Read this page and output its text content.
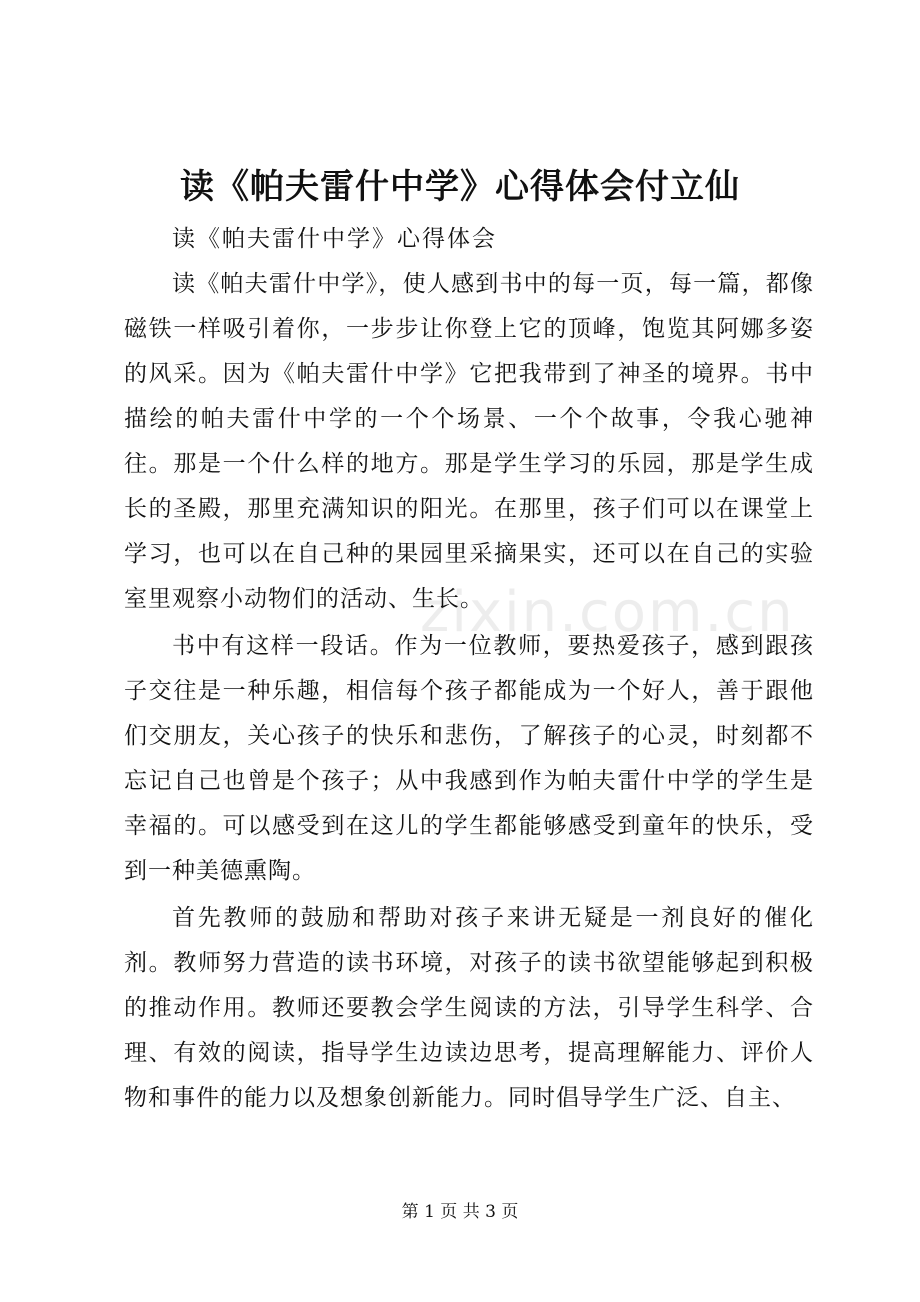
读《帕夫雷什中学》心得体会付立仙

读《帕夫雷什中学》心得体会

读《帕夫雷什中学》，使人感到书中的每一页，每一篇，都像磁铁一样吸引着你，一步步让你登上它的顶峰，饱览其阿娜多姿的风采。因为《帕夫雷什中学》它把我带到了神圣的境界。书中描绘的帕夫雷什中学的一个个场景、一个个故事，令我心驰神往。那是一个什么样的地方。那是学生学习的乐园，那是学生成长的圣殿，那里充满知识的阳光。在那里，孩子们可以在课堂上学习，也可以在自己种的果园里采摘果实，还可以在自己的实验室里观察小动物们的活动、生长。

书中有这样一段话。作为一位教师，要热爱孩子，感到跟孩子交往是一种乐趣，相信每个孩子都能成为一个好人，善于跟他们交朋友，关心孩子的快乐和悲伤，了解孩子的心灵，时刻都不忘记自己也曾是个孩子；从中我感到作为帕夫雷什中学的学生是幸福的。可以感受到在这儿的学生都能够感受到童年的快乐，受到一种美德熏陶。

首先教师的鼓励和帮助对孩子来讲无疑是一剂良好的催化剂。教师努力营造的读书环境，对孩子的读书欲望能够起到积极的推动作用。教师还要教会学生阅读的方法，引导学生科学、合理、有效的阅读，指导学生边读边思考，提高理解能力、评价人物和事件的能力以及想象创新能力。同时倡导学生广泛、自主、

zixin.com.cn
第 1 页 共 3 页
